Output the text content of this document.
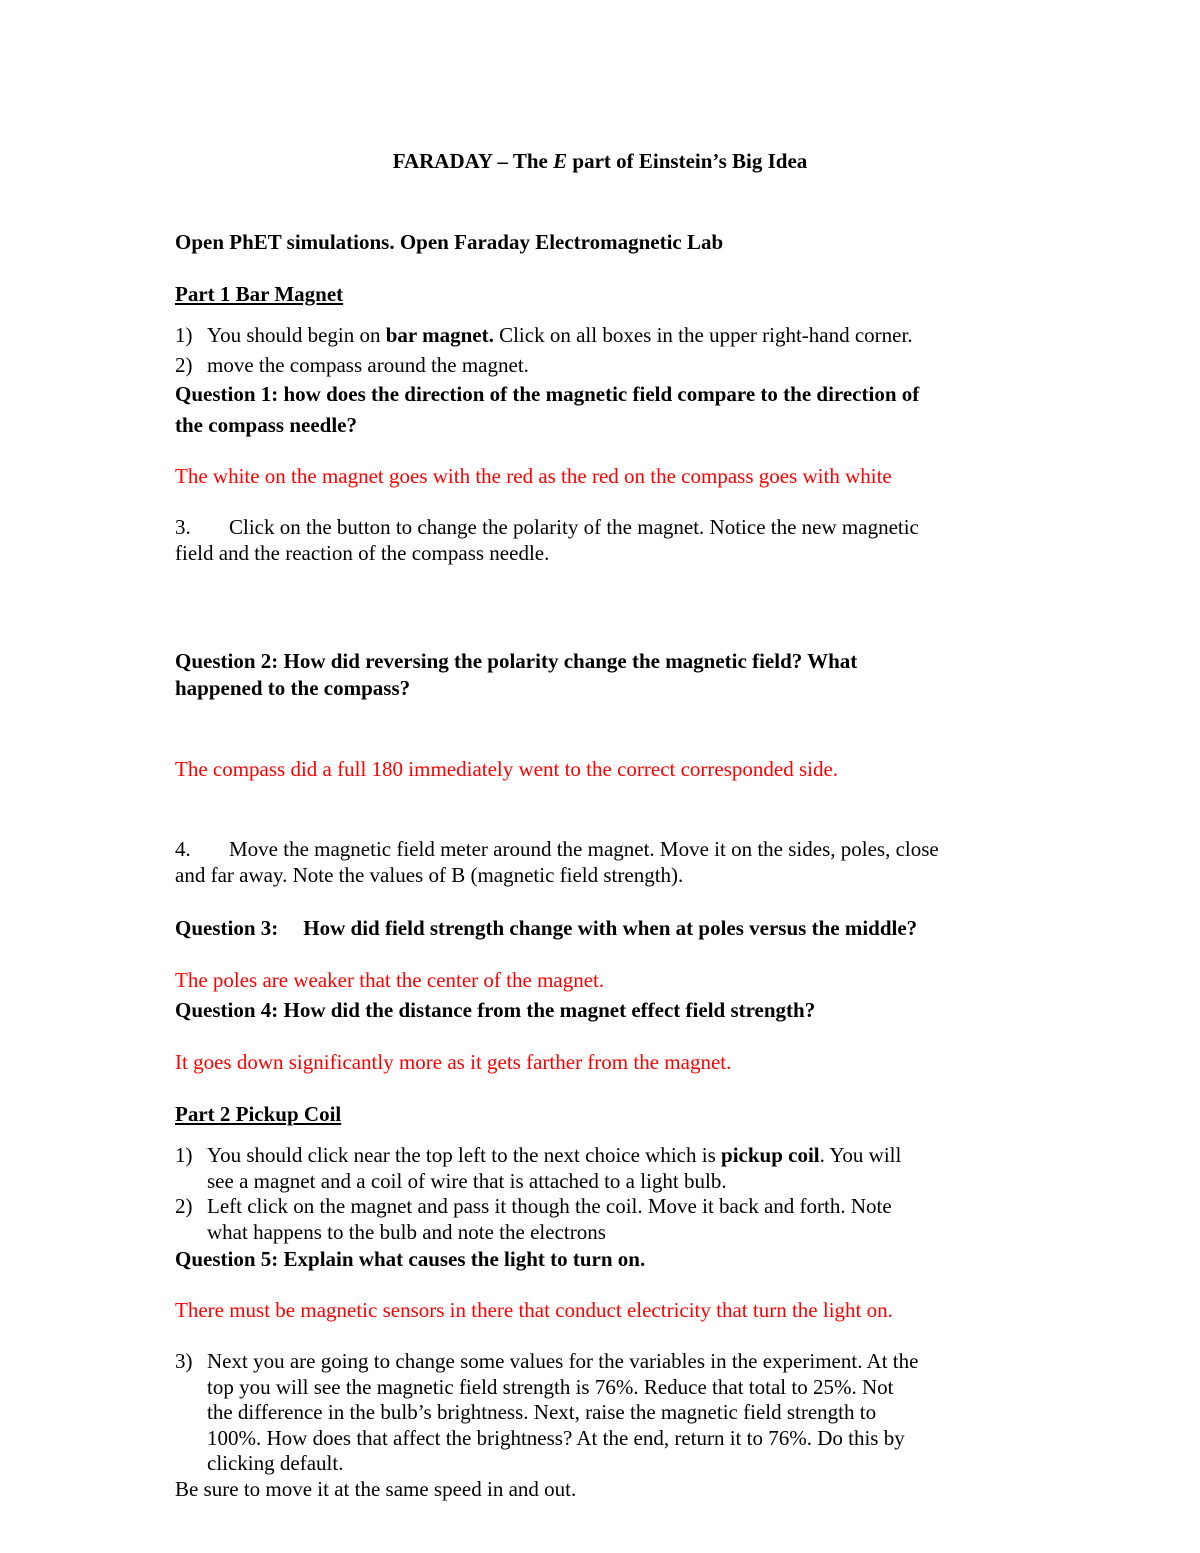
FARADAY – The E part of Einstein’s Big Idea
Open PhET simulations. Open Faraday Electromagnetic Lab
Part 1 Bar Magnet
1) You should begin on bar magnet. Click on all boxes in the upper right-hand corner.
2) move the compass around the magnet.
Question 1: how does the direction of the magnetic field compare to the direction of
the compass needle?
The white on the magnet goes with the red as the red on the compass goes with white
3. Click on the button to change the polarity of the magnet. Notice the new magnetic
field and the reaction of the compass needle.
Question 2: How did reversing the polarity change the magnetic field? What
happened to the compass?
The compass did a full 180 immediately went to the correct corresponded side.
4. Move the magnetic field meter around the magnet. Move it on the sides, poles, close
and far away. Note the values of B (magnetic field strength).
Question 3: How did field strength change with when at poles versus the middle?
The poles are weaker that the center of the magnet.
Question 4: How did the distance from the magnet effect field strength?
It goes down significantly more as it gets farther from the magnet.
Part 2 Pickup Coil
1) You should click near the top left to the next choice which is pickup coil. You will
see a magnet and a coil of wire that is attached to a light bulb.
2) Left click on the magnet and pass it though the coil. Move it back and forth. Note
what happens to the bulb and note the electrons
Question 5: Explain what causes the light to turn on.
There must be magnetic sensors in there that conduct electricity that turn the light on.
3) Next you are going to change some values for the variables in the experiment. At the
top you will see the magnetic field strength is 76%. Reduce that total to 25%. Not
the difference in the bulb’s brightness. Next, raise the magnetic field strength to
100%. How does that affect the brightness? At the end, return it to 76%. Do this by
clicking default.
Be sure to move it at the same speed in and out.
